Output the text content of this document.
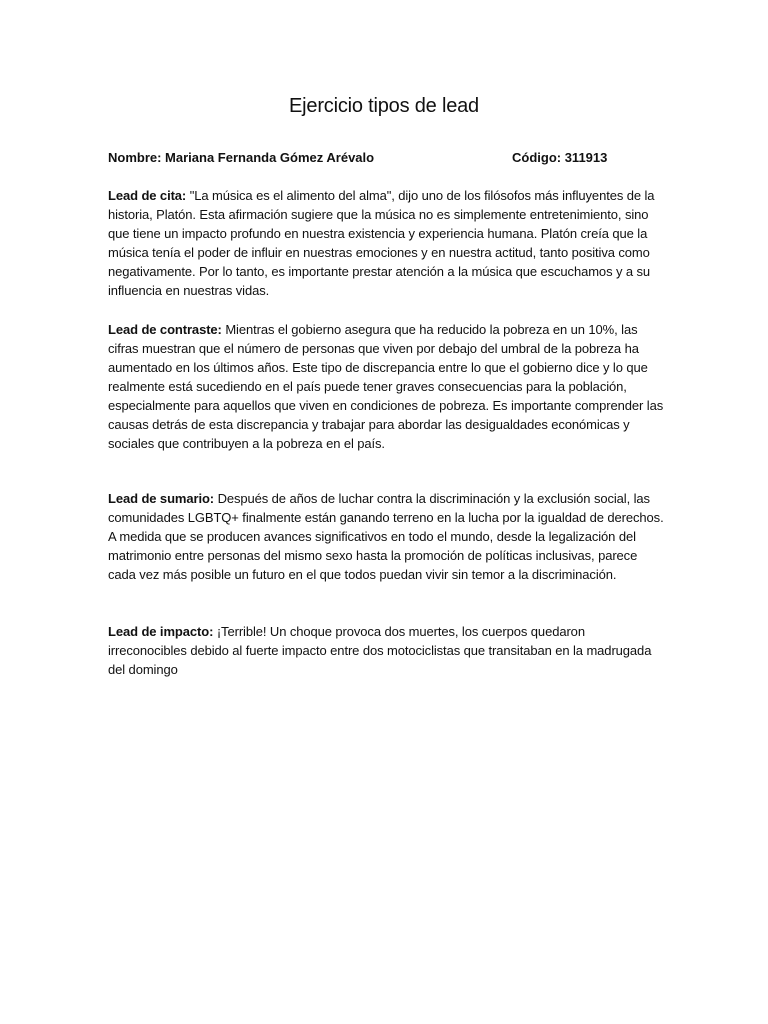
Ejercicio tipos de lead
Nombre: Mariana Fernanda Gómez Arévalo	Código: 311913

Lead de cita: "La música es el alimento del alma", dijo uno de los filósofos más influyentes de la historia, Platón. Esta afirmación sugiere que la música no es simplemente entretenimiento, sino que tiene un impacto profundo en nuestra existencia y experiencia humana. Platón creía que la música tenía el poder de influir en nuestras emociones y en nuestra actitud, tanto positiva como negativamente. Por lo tanto, es importante prestar atención a la música que escuchamos y a su influencia en nuestras vidas.

Lead de contraste: Mientras el gobierno asegura que ha reducido la pobreza en un 10%, las cifras muestran que el número de personas que viven por debajo del umbral de la pobreza ha aumentado en los últimos años. Este tipo de discrepancia entre lo que el gobierno dice y lo que realmente está sucediendo en el país puede tener graves consecuencias para la población, especialmente para aquellos que viven en condiciones de pobreza. Es importante comprender las causas detrás de esta discrepancia y trabajar para abordar las desigualdades económicas y sociales que contribuyen a la pobreza en el país.

Lead de sumario: Después de años de luchar contra la discriminación y la exclusión social, las comunidades LGBTQ+ finalmente están ganando terreno en la lucha por la igualdad de derechos. A medida que se producen avances significativos en todo el mundo, desde la legalización del matrimonio entre personas del mismo sexo hasta la promoción de políticas inclusivas, parece cada vez más posible un futuro en el que todos puedan vivir sin temor a la discriminación.

Lead de impacto: ¡Terrible! Un choque provoca dos muertes, los cuerpos quedaron irreconocibles debido al fuerte impacto entre dos motociclistas que transitaban en la madrugada del domingo
